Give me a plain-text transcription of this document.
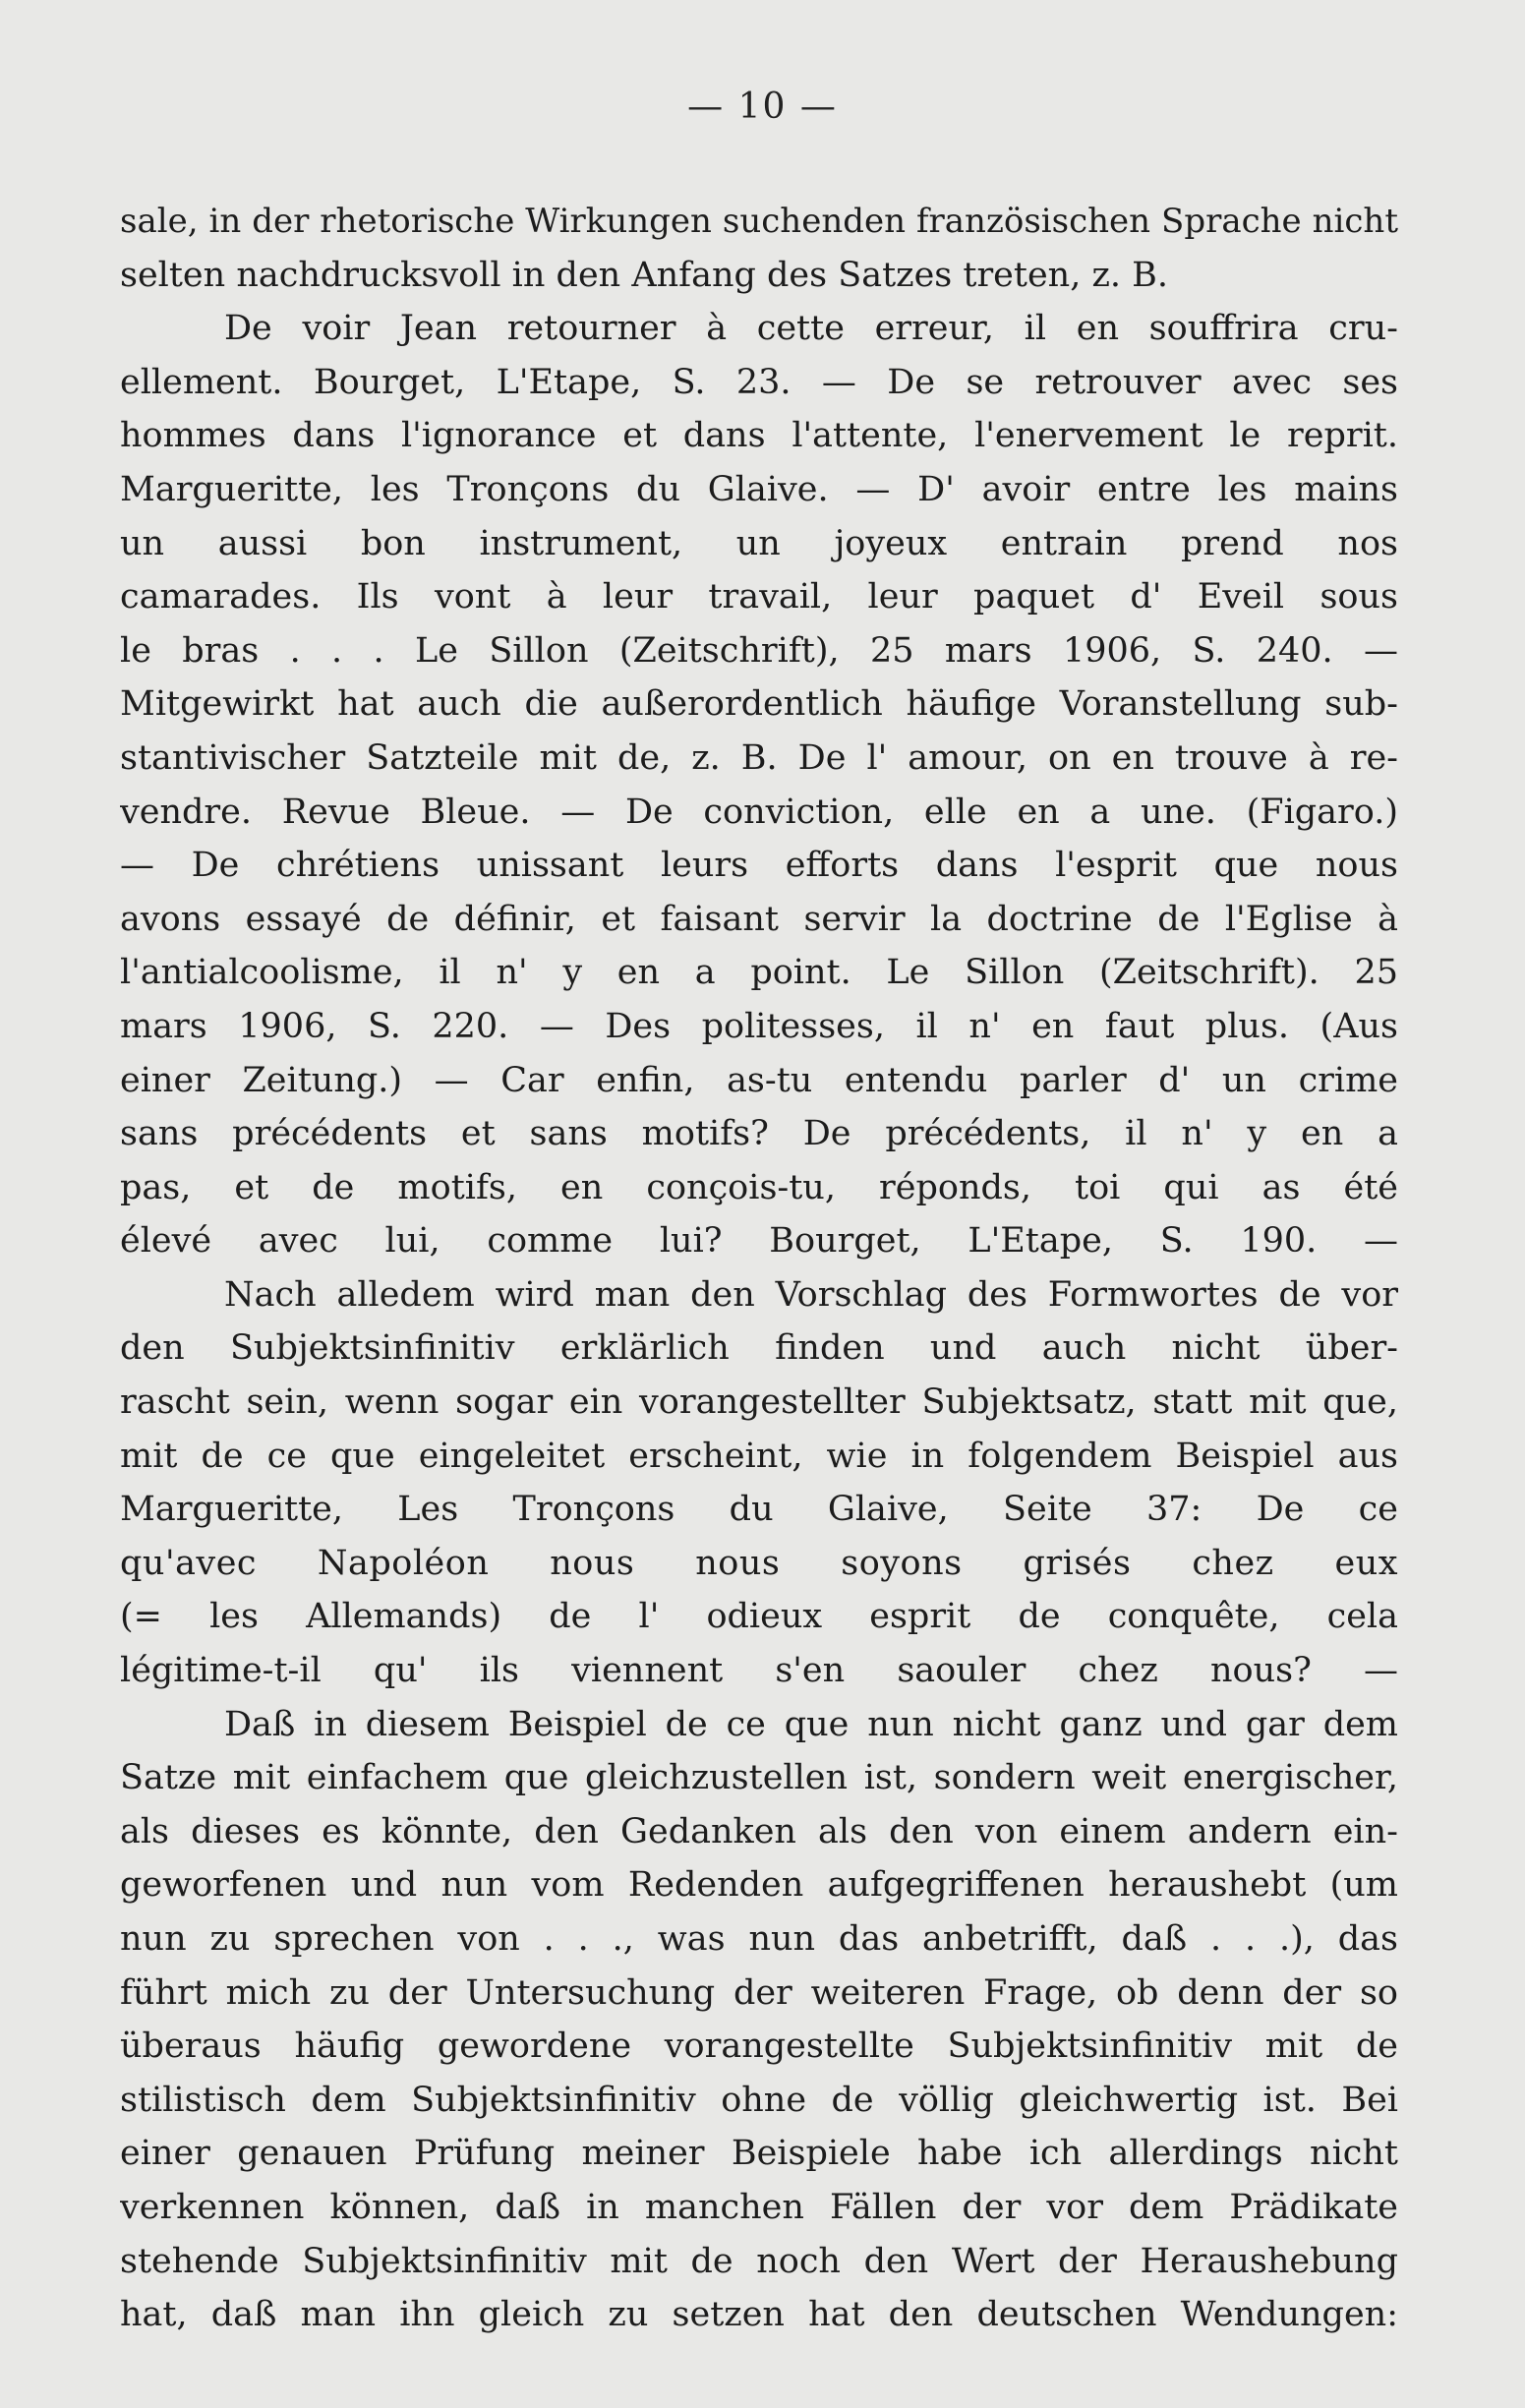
— 10 —
sale, in der rhetorische Wirkungen suchenden französischen Sprache nicht
selten nachdrucksvoll in den Anfang des Satzes treten, z. B.
De voir Jean retourner à cette erreur, il en souffrira cru-
ellement. Bourget, L'Etape, S. 23. — De se retrouver avec ses
hommes dans l'ignorance et dans l'attente, l'enervement le reprit.
Margueritte, les Tronçons du Glaive. — D' avoir entre les mains
un aussi bon instrument, un joyeux entrain prend nos
camarades. Ils vont à leur travail, leur paquet d' Eveil sous
le bras . . . Le Sillon (Zeitschrift), 25 mars 1906, S. 240. —
Mitgewirkt hat auch die außerordentlich häufige Voranstellung sub-
stantivischer Satzteile mit de, z. B. De l' amour, on en trouve à re-
vendre. Revue Bleue. — De conviction, elle en a une. (Figaro.)
— De chrétiens unissant leurs efforts dans l'esprit que nous
avons essayé de définir, et faisant servir la doctrine de l'Eglise à
l'antialcoolisme, il n' y en a point. Le Sillon (Zeitschrift). 25
mars 1906, S. 220. — Des politesses, il n' en faut plus. (Aus
einer Zeitung.) — Car enfin, as-tu entendu parler d' un crime
sans précédents et sans motifs? De précédents, il n' y en a
pas, et de motifs, en conçois-tu, réponds, toi qui as été
élevé avec lui, comme lui? Bourget, L'Etape, S. 190. —
Nach alledem wird man den Vorschlag des Formwortes de vor
den Subjektsinfinitiv erklärlich finden und auch nicht über-
rascht sein, wenn sogar ein vorangestellter Subjektsatz, statt mit que,
mit de ce que eingeleitet erscheint, wie in folgendem Beispiel aus
Margueritte, Les Tronçons du Glaive, Seite 37: De ce
qu'avec Napoléon nous nous soyons grisés chez eux
(= les Allemands) de l' odieux esprit de conquête, cela
légitime-t-il qu' ils viennent s'en saouler chez nous? —
Daß in diesem Beispiel de ce que nun nicht ganz und gar dem
Satze mit einfachem que gleichzustellen ist, sondern weit energischer,
als dieses es könnte, den Gedanken als den von einem andern ein-
geworfenen und nun vom Redenden aufgegriffenen heraushebt (um
nun zu sprechen von . . ., was nun das anbetrifft, daß . . .), das
führt mich zu der Untersuchung der weiteren Frage, ob denn der so
überaus häufig gewordene vorangestellte Subjektsinfinitiv mit de
stilistisch dem Subjektsinfinitiv ohne de völlig gleichwertig ist. Bei
einer genauen Prüfung meiner Beispiele habe ich allerdings nicht
verkennen können, daß in manchen Fällen der vor dem Prädikate
stehende Subjektsinfinitiv mit de noch den Wert der Heraushebung
hat, daß man ihn gleich zu setzen hat den deutschen Wendungen:
